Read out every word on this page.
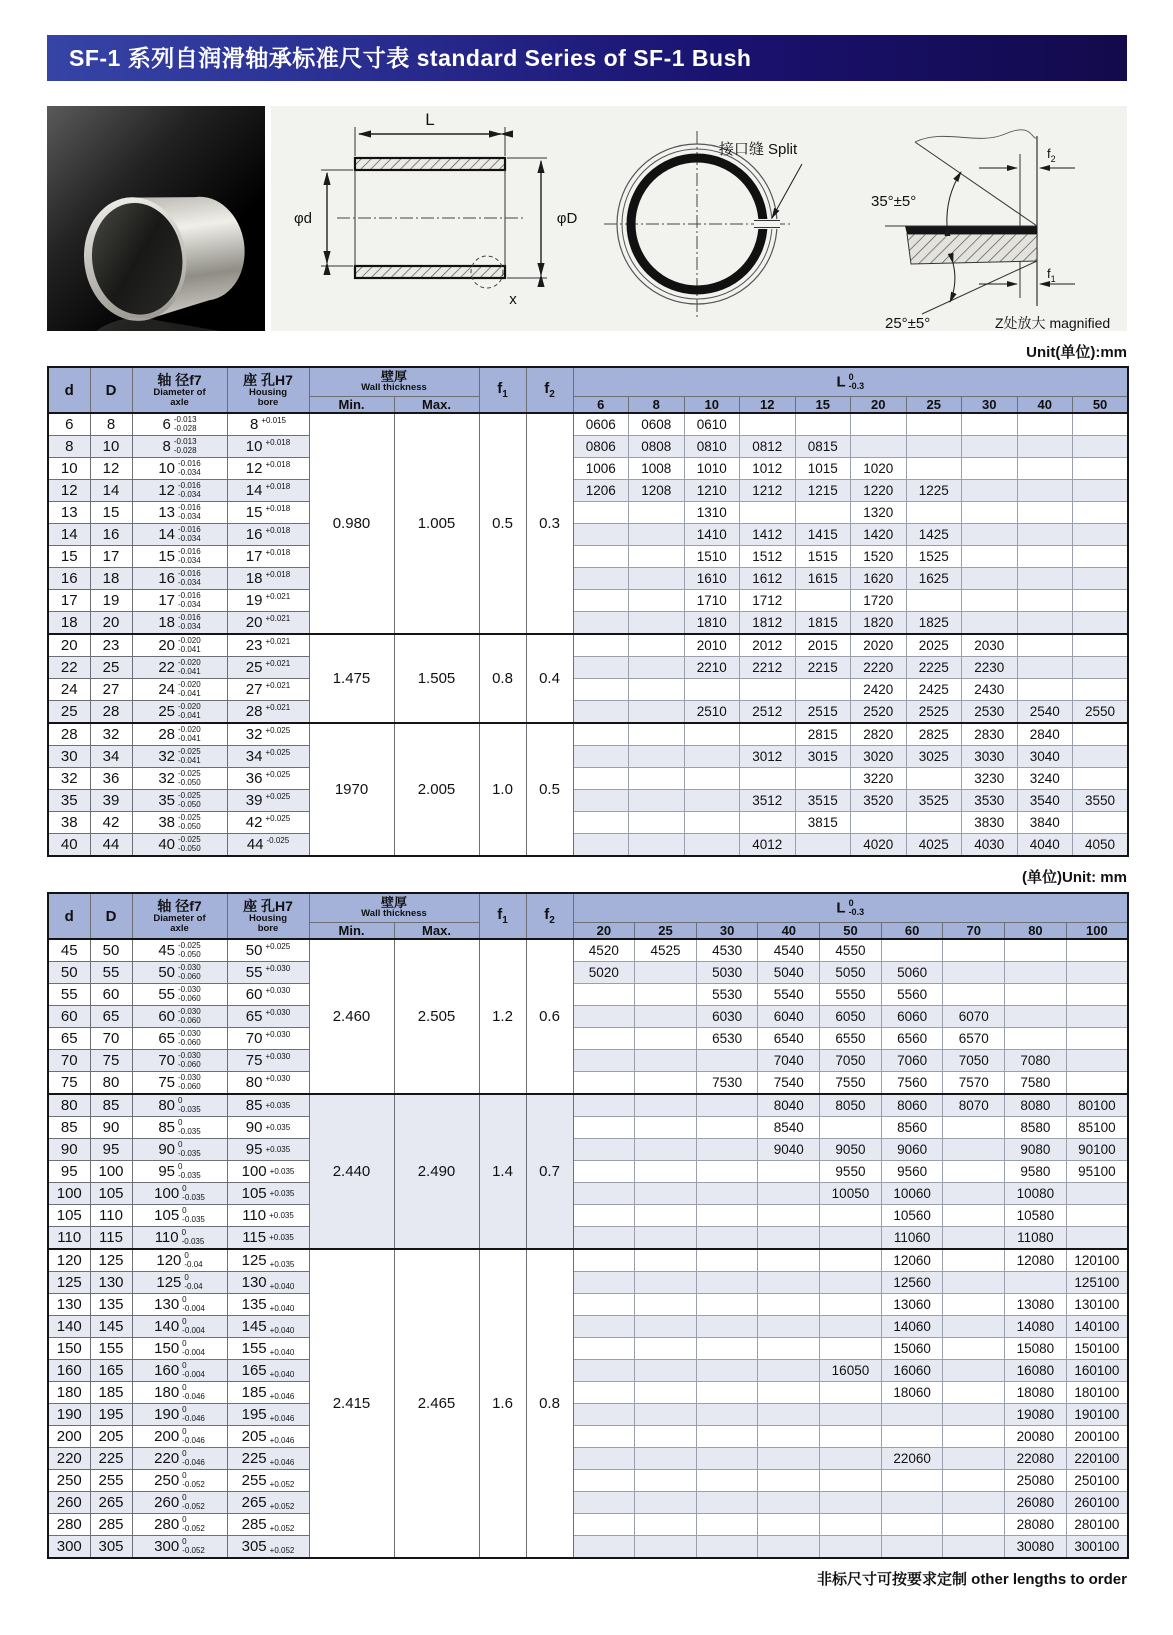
SF-1 系列自润滑轴承标准尺寸表 standard Series of SF-1 Bush
L
φd	φD
x
接口缝 Split
35°±5°
$f_2$
$f_1$
25°±5°	Z处放大 magnified
Unit(单位):mm
d	D	
轴 径f7
Diameter of
axle

座 孔H7
Housing
bore

壁厚
Wall thickness	$f_1$	$f_2$	L 0
-0.3

				Min.	Max.			6	8	10	12	15	20	25	30	40	50
6	8	6 -0.013
-0.028	8 +0.015	0.980	1.005	0.5	0.3	0606	0608	0610							
8	10	8 -0.013
-0.028	10 +0.018					0806	0808	0810	0812	0815					
10	12	10 -0.016
-0.034	12 +0.018					1006	1008	1010	1012	1015	1020				
12	14	12 -0.016
-0.034	14 +0.018					1206	1208	1210	1212	1215	1220	1225			
13	15	13 -0.016
-0.034	15 +0.018							1310			1320				
14	16	14 -0.016
-0.034	16 +0.018							1410	1412	1415	1420	1425			
15	17	15 -0.016
-0.034	17 +0.018							1510	1512	1515	1520	1525			
16	18	16 -0.016
-0.034	18 +0.018							1610	1612	1615	1620	1625			
17	19	17 -0.016
-0.034	19 +0.021							1710	1712		1720				
18	20	18 -0.016
-0.034	20 +0.021							1810	1812	1815	1820	1825			
20	23	20 -0.020
-0.041	23 +0.021	1.475	1.505	0.8	0.4			2010	2012	2015	2020	2025	2030		
22	25	22 -0.020
-0.041	25 +0.021							2210	2212	2215	2220	2225	2230		
24	27	24 -0.020
-0.041	27 +0.021										2420	2425	2430		
25	28	25 -0.020
-0.041	28 +0.021							2510	2512	2515	2520	2525	2530	2540	2550
28	32	28 -0.020
-0.041	32 +0.025	1970	2.005	1.0	0.5					2815	2820	2825	2830	2840	
30	34	32 -0.025
-0.041	34 +0.025								3012	3015	3020	3025	3030	3040	
32	36	32 -0.025
-0.050	36 +0.025										3220		3230	3240	
35	39	35 -0.025
-0.050	39 +0.025								3512	3515	3520	3525	3530	3540	3550
38	42	38 -0.025
-0.050	42 +0.025									3815			3830	3840	
40	44	40 -0.025
-0.050	44 -0.025								4012		4020	4025	4030	4040	4050
(单位)Unit: mm
d	D	
轴 径f7
Diameter of
axle

座 孔H7
Housing
bore

壁厚
Wall thickness	$f_1$	$f_2$	L 0
-0.3

				Min.	Max.			20	25	30	40	50	60	70	80	100
45	50	45 -0.025
-0.050	50 +0.025	2.460	2.505	1.2	0.6	4520	4525	4530	4540	4550				
50	55	50 -0.030
-0.060	55 +0.030					5020		5030	5040	5050	5060			
55	60	55 -0.030
-0.060	60 +0.030							5530	5540	5550	5560			
60	65	60 -0.030
-0.060	65 +0.030							6030	6040	6050	6060	6070		
65	70	65 -0.030
-0.060	70 +0.030							6530	6540	6550	6560	6570		
70	75	70 -0.030
-0.060	75 +0.030								7040	7050	7060	7050	7080	
75	80	75 -0.030
-0.060	80 +0.030							7530	7540	7550	7560	7570	7580	
80	85	80 0
-0.035	85 +0.035	2.440	2.490	1.4	0.7				8040	8050	8060	8070	8080	80100
85	90	85 0
-0.035	90 +0.035								8540		8560		8580	85100
90	95	90 0
-0.035	95 +0.035								9040	9050	9060		9080	90100
95	100	95 0
-0.035	100 +0.035									9550	9560		9580	95100
100	105	100 0
-0.035	105 +0.035									10050	10060		10080	
105	110	105 0
-0.035	110 +0.035										10560		10580	
110	115	110 0
-0.035	115 +0.035										11060		11080	
120	125	120 0
-0.04	125 +0.035	2.415	2.465	1.6	0.8						12060		12080	120100
125	130	125 0
-0.04	130 +0.040										12560			125100
130	135	130 0
-0.004	135 +0.040										13060		13080	130100
140	145	140 0
-0.004	145 +0.040										14060		14080	140100
150	155	150 0
-0.004	155 +0.040										15060		15080	150100
160	165	160 0
-0.004	165 +0.040									16050	16060		16080	160100
180	185	180 0
-0.046	185 +0.046										18060		18080	180100
190	195	190 0
-0.046	195 +0.046												19080	190100
200	205	200 0
-0.046	205 +0.046												20080	200100
220	225	220 0
-0.046	225 +0.046										22060		22080	220100
250	255	250 0
-0.052	255 +0.052												25080	250100
260	265	260 0
-0.052	265 +0.052												26080	260100
280	285	280 0
-0.052	285 +0.052												28080	280100
300	305	300 0
-0.052	305 +0.052												30080	300100
非标尺寸可按要求定制 other lengths to order
